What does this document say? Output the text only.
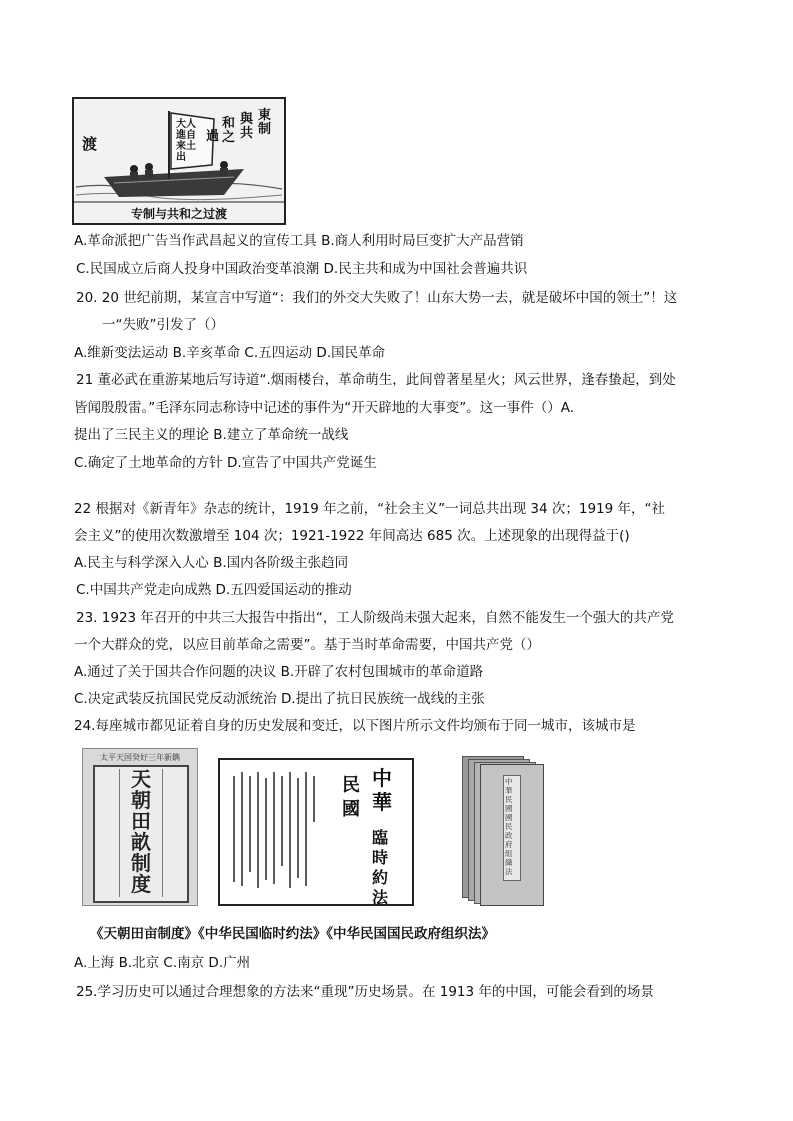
東
制
與
共
和
之
過
渡
大人
進自
来土
出
专制与共和之过渡
A.革命派把广告当作武昌起义的宣传工具 B.商人利用时局巨变扩大产品营销
C.民国成立后商人投身中国政治变革浪潮 D.民主共和成为中国社会普遍共识
20. 20 世纪前期，某宣言中写道“：我们的外交大失败了！山东大势一去，就是破坏中国的领土”！这
一“失败”引发了（）
A.维新变法运动 B.辛亥革命 C.五四运动 D.国民革命
21 董必武在重游某地后写诗道“.烟雨楼台，革命萌生，此间曾著星星火；风云世界，逢春蛰起，到处
皆闻殷殷雷。”毛泽东同志称诗中记述的事件为“开天辟地的大事变”。这一事件（）A.
提出了三民主义的理论 B.建立了革命统一战线
C.确定了土地革命的方针 D.宣告了中国共产党诞生
22 根据对《新青年》杂志的统计，1919 年之前，“社会主义”一词总共出现 34 次；1919 年，“社
会主义”的使用次数激增至 104 次；1921-1922 年间高达 685 次。上述现象的出现得益于()
A.民主与科学深入人心 B.国内各阶级主张趋同
C.中国共产党走向成熟 D.五四爱国运动的推动
23. 1923 年召开的中共三大报告中指出“，工人阶级尚未强大起来，自然不能发生一个强大的共产党
一个大群众的党，以应目前革命之需要”。基于当时革命需要，中国共产党（）
A.通过了关于国共合作问题的决议 B.开辟了农村包围城市的革命道路
C.决定武装反抗国民党反动派统治 D.提出了抗日民族统一战线的主张
24.每座城市都见证着自身的历史发展和变迁，以下图片所示文件均颁布于同一城市，该城市是
太平天国癸好三年新鐫
天
朝
田
畝
制
度
中
華
民
國
臨
時
約
法
中華民國國民政府組織法
《天朝田亩制度》《中华民国临时约法》《中华民国国民政府组织法》
A.上海 B.北京 C.南京 D.广州
25.学习历史可以通过合理想象的方法来“重现”历史场景。在 1913 年的中国，可能会看到的场景
